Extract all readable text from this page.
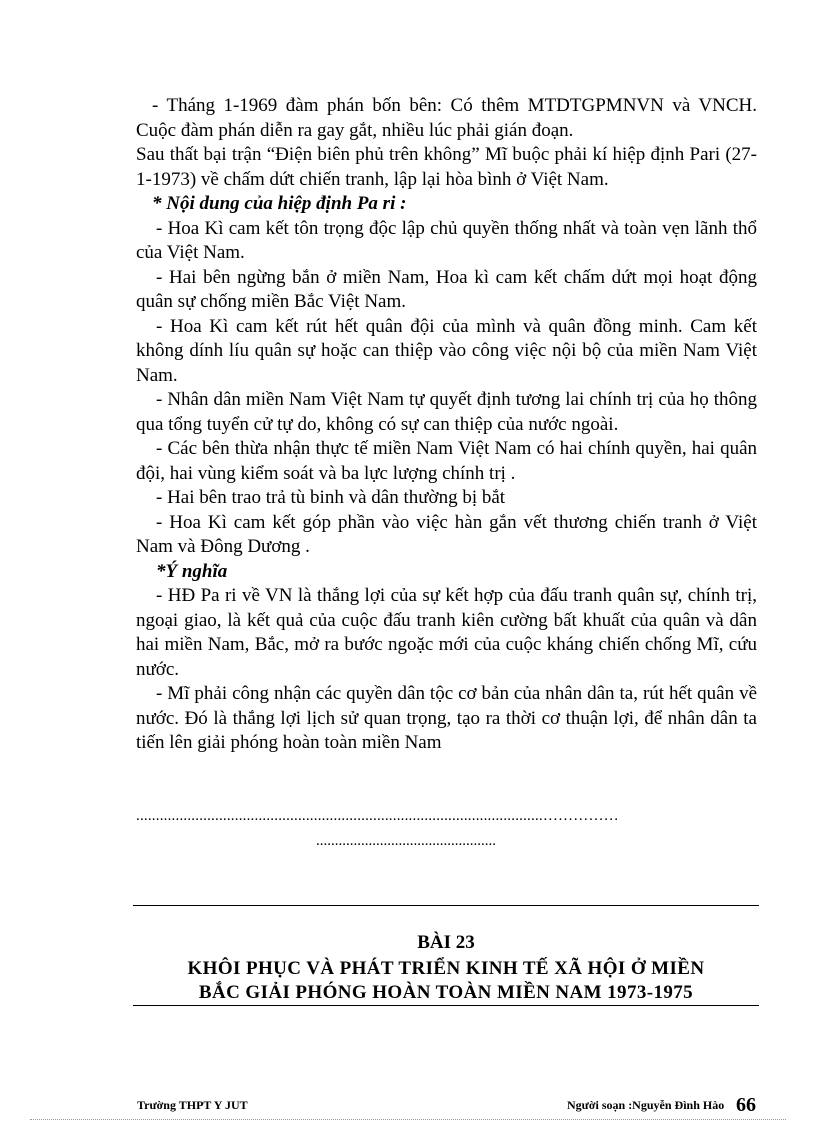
- Tháng 1-1969 đàm phán bốn bên: Có thêm MTDTGPMNVN và VNCH. Cuộc đàm phán diễn ra gay gắt, nhiều lúc phải gián đoạn.

Sau thất bại trận “Điện biên phủ trên không” Mĩ buộc phải kí hiệp định Pari (27-1-1973) về chấm dứt chiến tranh, lập lại hòa bình ở Việt Nam.

* Nội dung của hiệp định Pa ri :

- Hoa Kì cam kết tôn trọng độc lập chủ quyền thống nhất và toàn vẹn lãnh thổ của Việt Nam.

- Hai bên ngừng bắn ở miền Nam, Hoa kì cam kết chấm dứt mọi hoạt động quân sự chống miền Bắc Việt Nam.

- Hoa Kì cam kết rút hết quân đội của mình và quân đồng minh. Cam kết không dính líu quân sự hoặc can thiệp vào công việc nội bộ của miền Nam Việt Nam.

- Nhân dân miền Nam Việt Nam tự quyết định tương lai chính trị của họ thông qua tổng tuyển cử tự do, không có sự can thiệp của nước ngoài.

- Các bên thừa nhận thực tế miền Nam Việt Nam có hai chính quyền, hai quân đội, hai vùng kiểm soát và ba lực lượng chính trị .

- Hai bên trao trả tù binh và dân thường bị bắt

- Hoa Kì cam kết góp phần vào việc hàn gắn vết thương chiến tranh ở Việt Nam và Đông Dương .

*Ý nghĩa

- HĐ Pa ri về VN là thắng lợi của sự kết hợp của đấu tranh quân sự, chính trị, ngoại giao, là kết quả của cuộc đấu tranh kiên cường bất khuất của quân và dân hai miền Nam, Bắc, mở ra bước ngoặc mới của cuộc kháng chiến chống Mĩ, cứu nước.

- Mĩ phải công nhận các quyền dân tộc cơ bản của nhân dân ta, rút hết quân về nước. Đó là thắng lợi lịch sử quan trọng, tạo ra thời cơ thuận lợi, để nhân dân ta tiến lên giải phóng hoàn toàn miền Nam

.......................................................................................................……………
................................................
BÀI 23
KHÔI PHỤC VÀ PHÁT TRIỂN KINH TẾ XÃ HỘI Ở MIỀN
BẮC GIẢI PHÓNG HOÀN TOÀN MIỀN NAM 1973-1975
Trường THPT Y JUT	Người soạn :Nguyễn Đình Hào 66
